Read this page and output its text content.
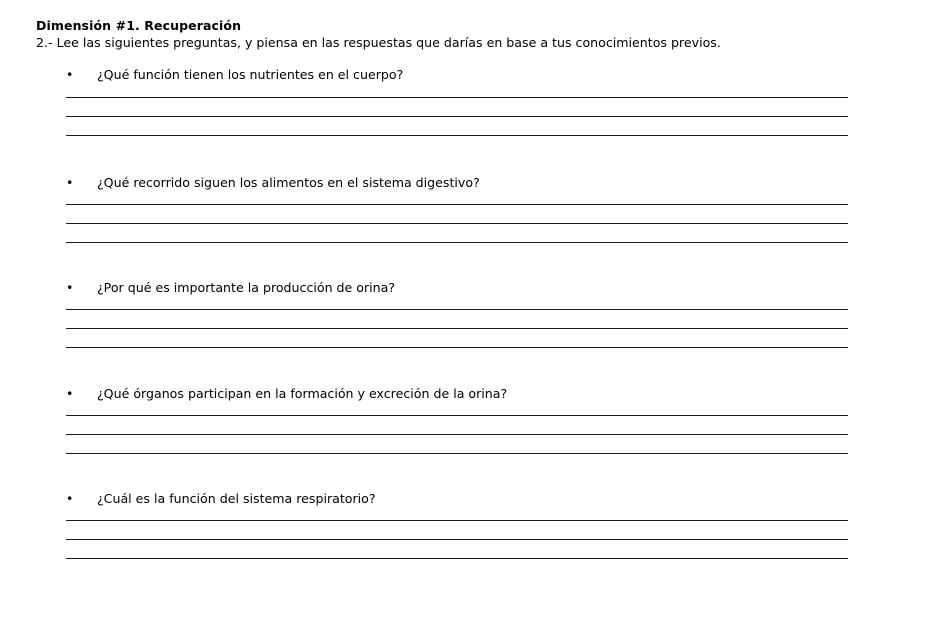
Dimensión #1. Recuperación
2.- Lee las siguientes preguntas, y piensa en las respuestas que darías en base a tus conocimientos previos.
• ¿Qué función tienen los nutrientes en el cuerpo?
• ¿Qué recorrido siguen los alimentos en el sistema digestivo?
• ¿Por qué es importante la producción de orina?
• ¿Qué órganos participan en la formación y excreción de la orina?
• ¿Cuál es la función del sistema respiratorio?
